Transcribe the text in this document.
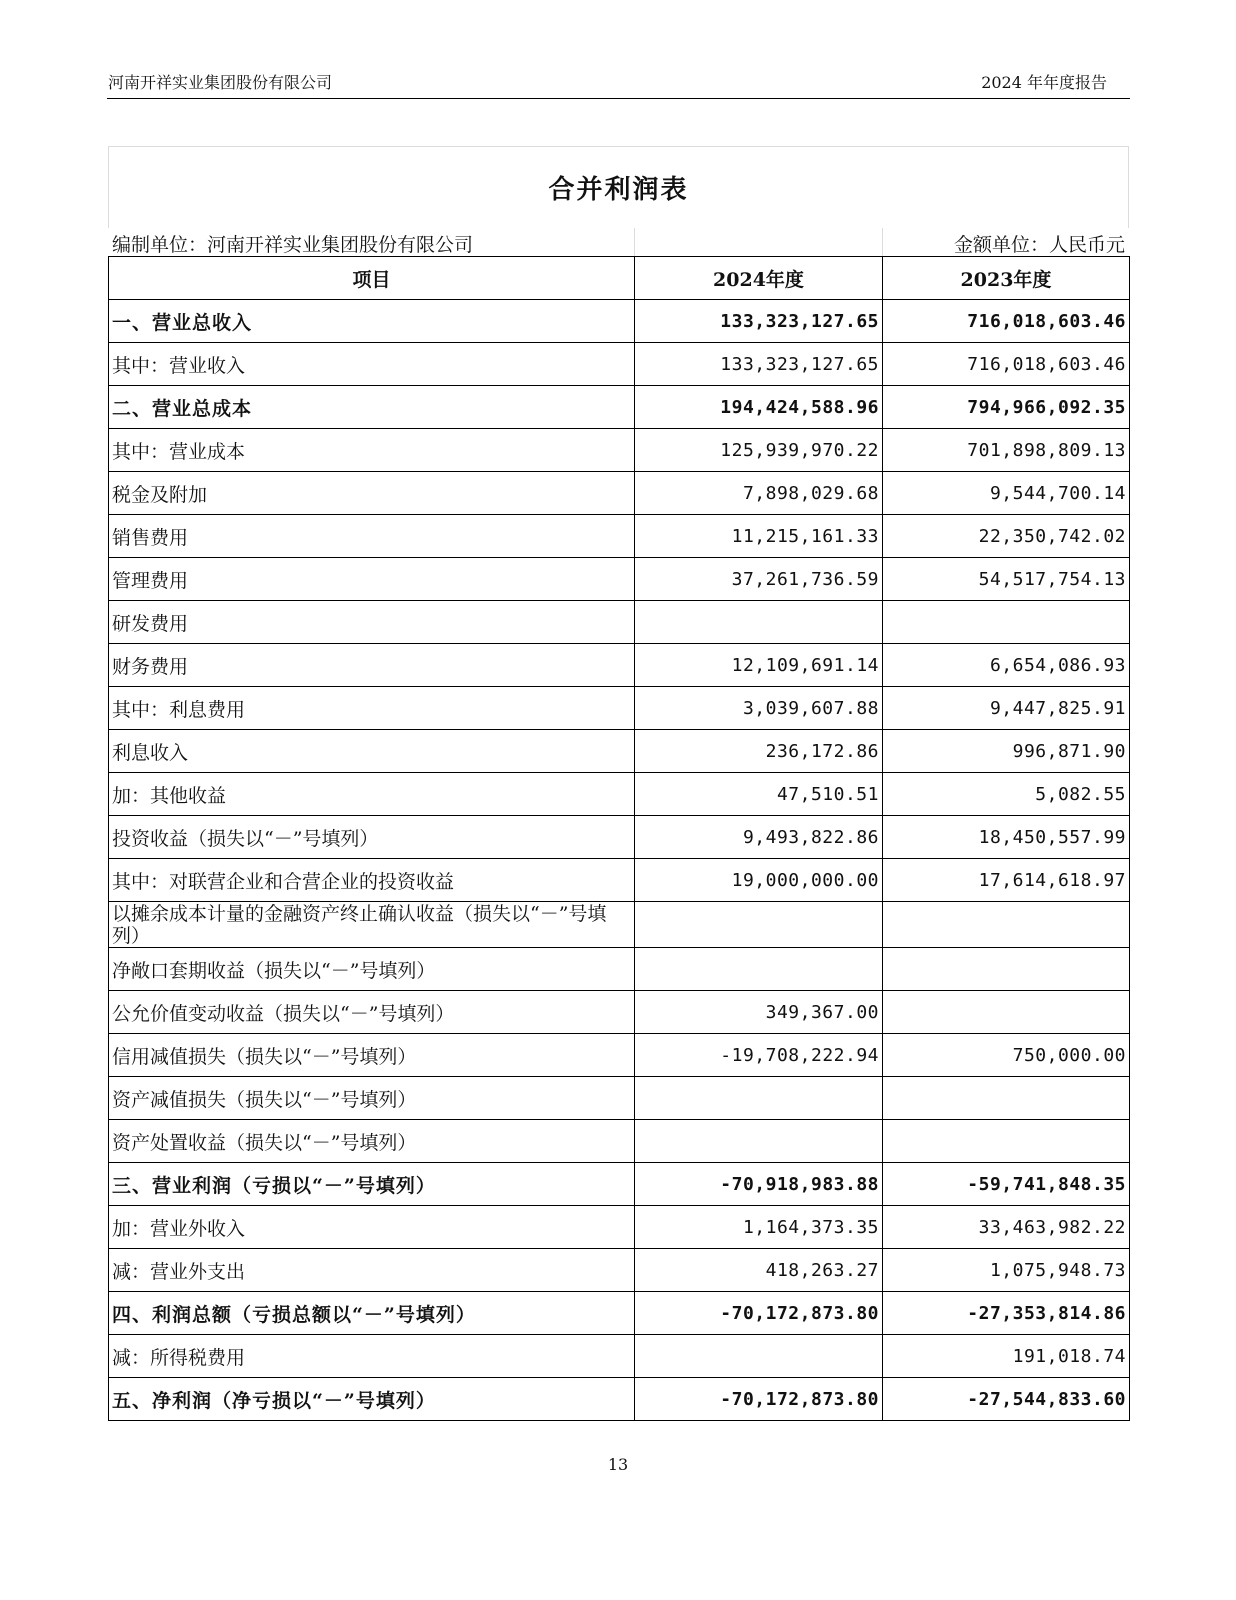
河南开祥实业集团股份有限公司	2024 年年度报告
合并利润表
编制单位：河南开祥实业集团股份有限公司	金额单位：人民币元
项目	2024年度	2023年度
一、营业总收入	133,323,127.65	716,018,603.46
其中：营业收入	133,323,127.65	716,018,603.46
二、营业总成本	194,424,588.96	794,966,092.35
其中：营业成本	125,939,970.22	701,898,809.13
税金及附加	7,898,029.68	9,544,700.14
销售费用	11,215,161.33	22,350,742.02
管理费用	37,261,736.59	54,517,754.13
研发费用		
财务费用	12,109,691.14	6,654,086.93
其中：利息费用	3,039,607.88	9,447,825.91
利息收入	236,172.86	996,871.90
加：其他收益	47,510.51	5,082.55
投资收益（损失以“－”号填列）	9,493,822.86	18,450,557.99
其中：对联营企业和合营企业的投资收益	19,000,000.00	17,614,618.97
以摊余成本计量的金融资产终止确认收益（损失以“－”号填列）		
净敞口套期收益（损失以“－”号填列）		
公允价值变动收益（损失以“－”号填列）	349,367.00	
信用减值损失（损失以“－”号填列）	-19,708,222.94	750,000.00
资产减值损失（损失以“－”号填列）		
资产处置收益（损失以“－”号填列）		
三、营业利润（亏损以“－”号填列）	-70,918,983.88	-59,741,848.35
加：营业外收入	1,164,373.35	33,463,982.22
减：营业外支出	418,263.27	1,075,948.73
四、利润总额（亏损总额以“－”号填列）	-70,172,873.80	-27,353,814.86
减：所得税费用		191,018.74
五、净利润（净亏损以“－”号填列）	-70,172,873.80	-27,544,833.60
13
